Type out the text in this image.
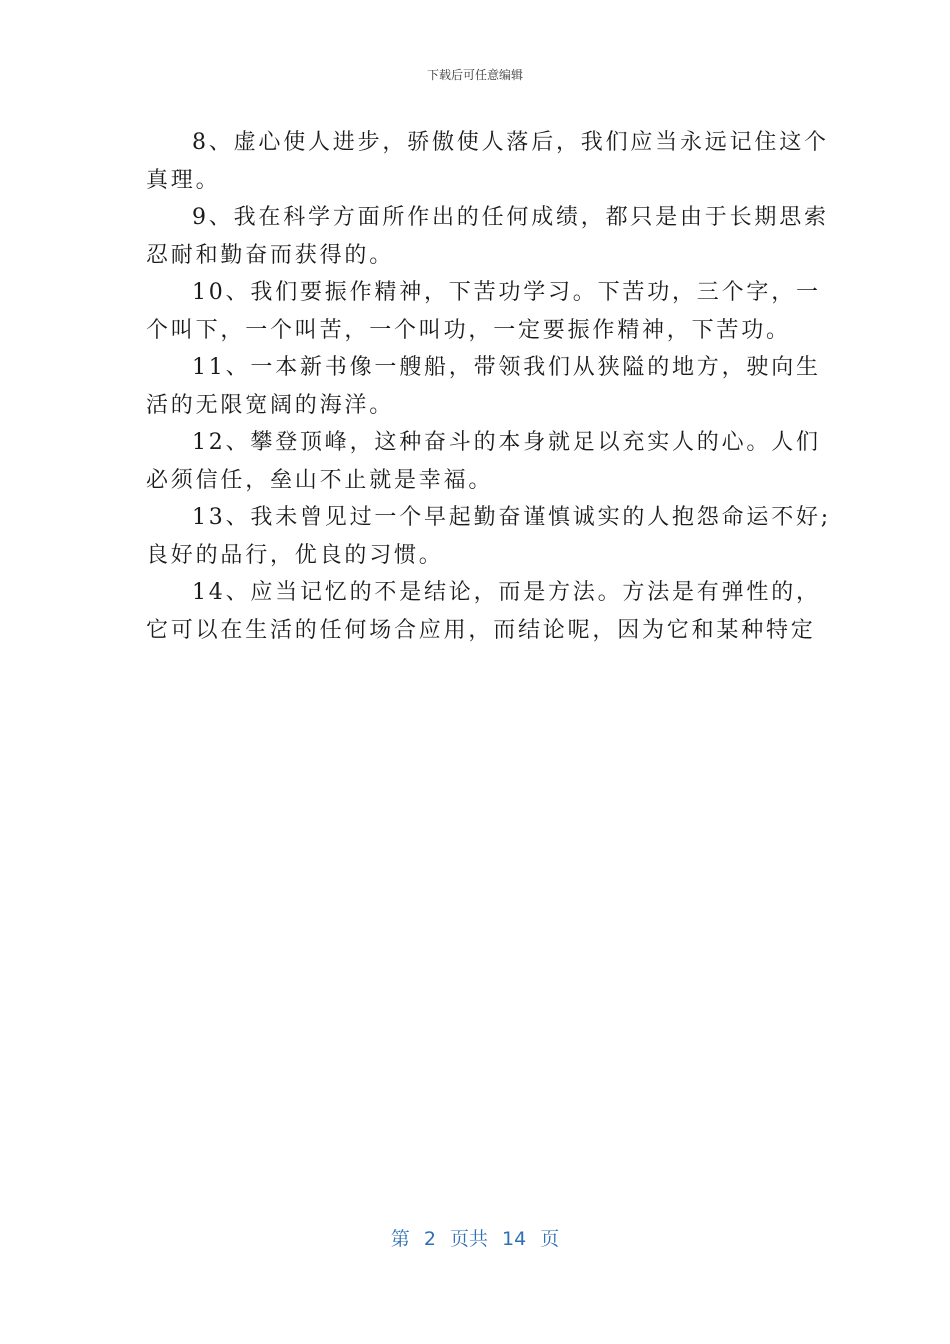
下载后可任意编辑
8、虚心使人进步，骄傲使人落后，我们应当永远记住这个
真理。
9、我在科学方面所作出的任何成绩，都只是由于长期思索
忍耐和勤奋而获得的。
10、我们要振作精神，下苦功学习。下苦功，三个字，一
个叫下，一个叫苦，一个叫功，一定要振作精神，下苦功。
11、一本新书像一艘船，带领我们从狭隘的地方，驶向生
活的无限宽阔的海洋。
12、攀登顶峰，这种奋斗的本身就足以充实人的心。人们
必须信任，垒山不止就是幸福。
13、我未曾见过一个早起勤奋谨慎诚实的人抱怨命运不好;
良好的品行，优良的习惯。
14、应当记忆的不是结论，而是方法。方法是有弹性的，
它可以在生活的任何场合应用，而结论呢，因为它和某种特定
第 2 页共 14 页
